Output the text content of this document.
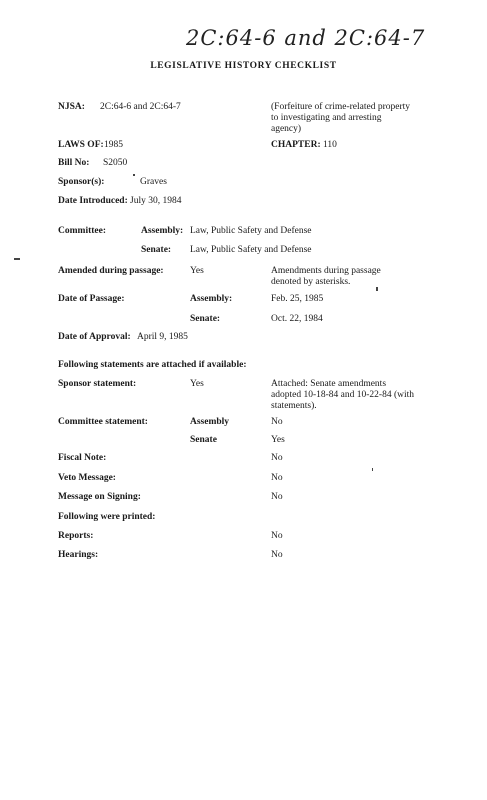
2C:64-6 and 2C:64-7
LEGISLATIVE HISTORY CHECKLIST
NJSA: 2C:64-6 and 2C:64-7	(Forfeiture of crime-related property to investigating and arresting agency)
LAWS OF: 1985	CHAPTER: 110
Bill No: S2050
Sponsor(s):	Graves
Date Introduced: July 30, 1984
Committee:	Assembly: Law, Public Safety and Defense
Senate: Law, Public Safety and Defense
Amended during passage:	Yes	Amendments during passage denoted by asterisks.
Date of Passage:	Assembly:	Feb. 25, 1985
Senate:	Oct. 22, 1984
Date of Approval: April 9, 1985
Following statements are attached if available:
Sponsor statement:	Yes	Attached: Senate amendments adopted 10-18-84 and 10-22-84 (with statements).
Committee statement:	Assembly	No
Senate	Yes
Fiscal Note:	No
Veto Message:	No
Message on Signing:	No
Following were printed:
Reports:	No
Hearings:	No
